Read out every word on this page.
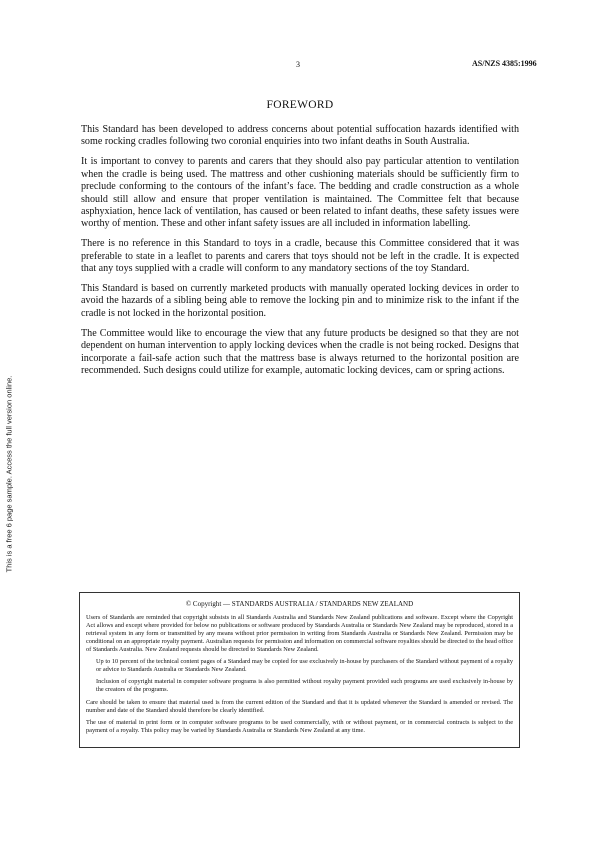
3	AS/NZS 4385:1996
FOREWORD

This Standard has been developed to address concerns about potential suffocation hazards identified with some rocking cradles following two coronial enquiries into two infant deaths in South Australia.

It is important to convey to parents and carers that they should also pay particular attention to ventilation when the cradle is being used. The mattress and other cushioning materials should be sufficiently firm to preclude conforming to the contours of the infant’s face. The bedding and cradle construction as a whole should still allow and ensure that proper ventilation is maintained. The Committee felt that because asphyxiation, hence lack of ventilation, has caused or been related to infant deaths, these safety issues were worthy of mention. These and other infant safety issues are all included in information labelling.

There is no reference in this Standard to toys in a cradle, because this Committee considered that it was preferable to state in a leaflet to parents and carers that toys should not be left in the cradle. It is expected that any toys supplied with a cradle will conform to any mandatory sections of the toy Standard.

This Standard is based on currently marketed products with manually operated locking devices in order to avoid the hazards of a sibling being able to remove the locking pin and to minimize risk to the infant if the cradle is not locked in the horizontal position.

The Committee would like to encourage the view that any future products be designed so that they are not dependent on human intervention to apply locking devices when the cradle is not being rocked. Designs that incorporate a fail-safe action such that the mattress base is always returned to the horizontal position are recommended. Such designs could utilize for example, automatic locking devices, cam or spring actions.

This is a free 6 page sample. Access the full version online.
© Copyright — STANDARDS AUSTRALIA / STANDARDS NEW ZEALAND

Users of Standards are reminded that copyright subsists in all Standards Australia and Standards New Zealand publications and software. Except where the Copyright Act allows and except where provided for below no publications or software produced by Standards Australia or Standards New Zealand may be reproduced, stored in a retrieval system in any form or transmitted by any means without prior permission in writing from Standards Australia or Standards New Zealand. Permission may be conditional on an appropriate royalty payment. Australian requests for permission and information on commercial software royalties should be directed to the head office of Standards Australia. New Zealand requests should be directed to Standards New Zealand.

Up to 10 percent of the technical content pages of a Standard may be copied for use exclusively in-house by purchasers of the Standard without payment of a royalty or advice to Standards Australia or Standards New Zealand.

Inclusion of copyright material in computer software programs is also permitted without royalty payment provided such programs are used exclusively in-house by the creators of the programs.

Care should be taken to ensure that material used is from the current edition of the Standard and that it is updated whenever the Standard is amended or revised. The number and date of the Standard should therefore be clearly identified.

The use of material in print form or in computer software programs to be used commercially, with or without payment, or in commercial contracts is subject to the payment of a royalty. This policy may be varied by Standards Australia or Standards New Zealand at any time.
